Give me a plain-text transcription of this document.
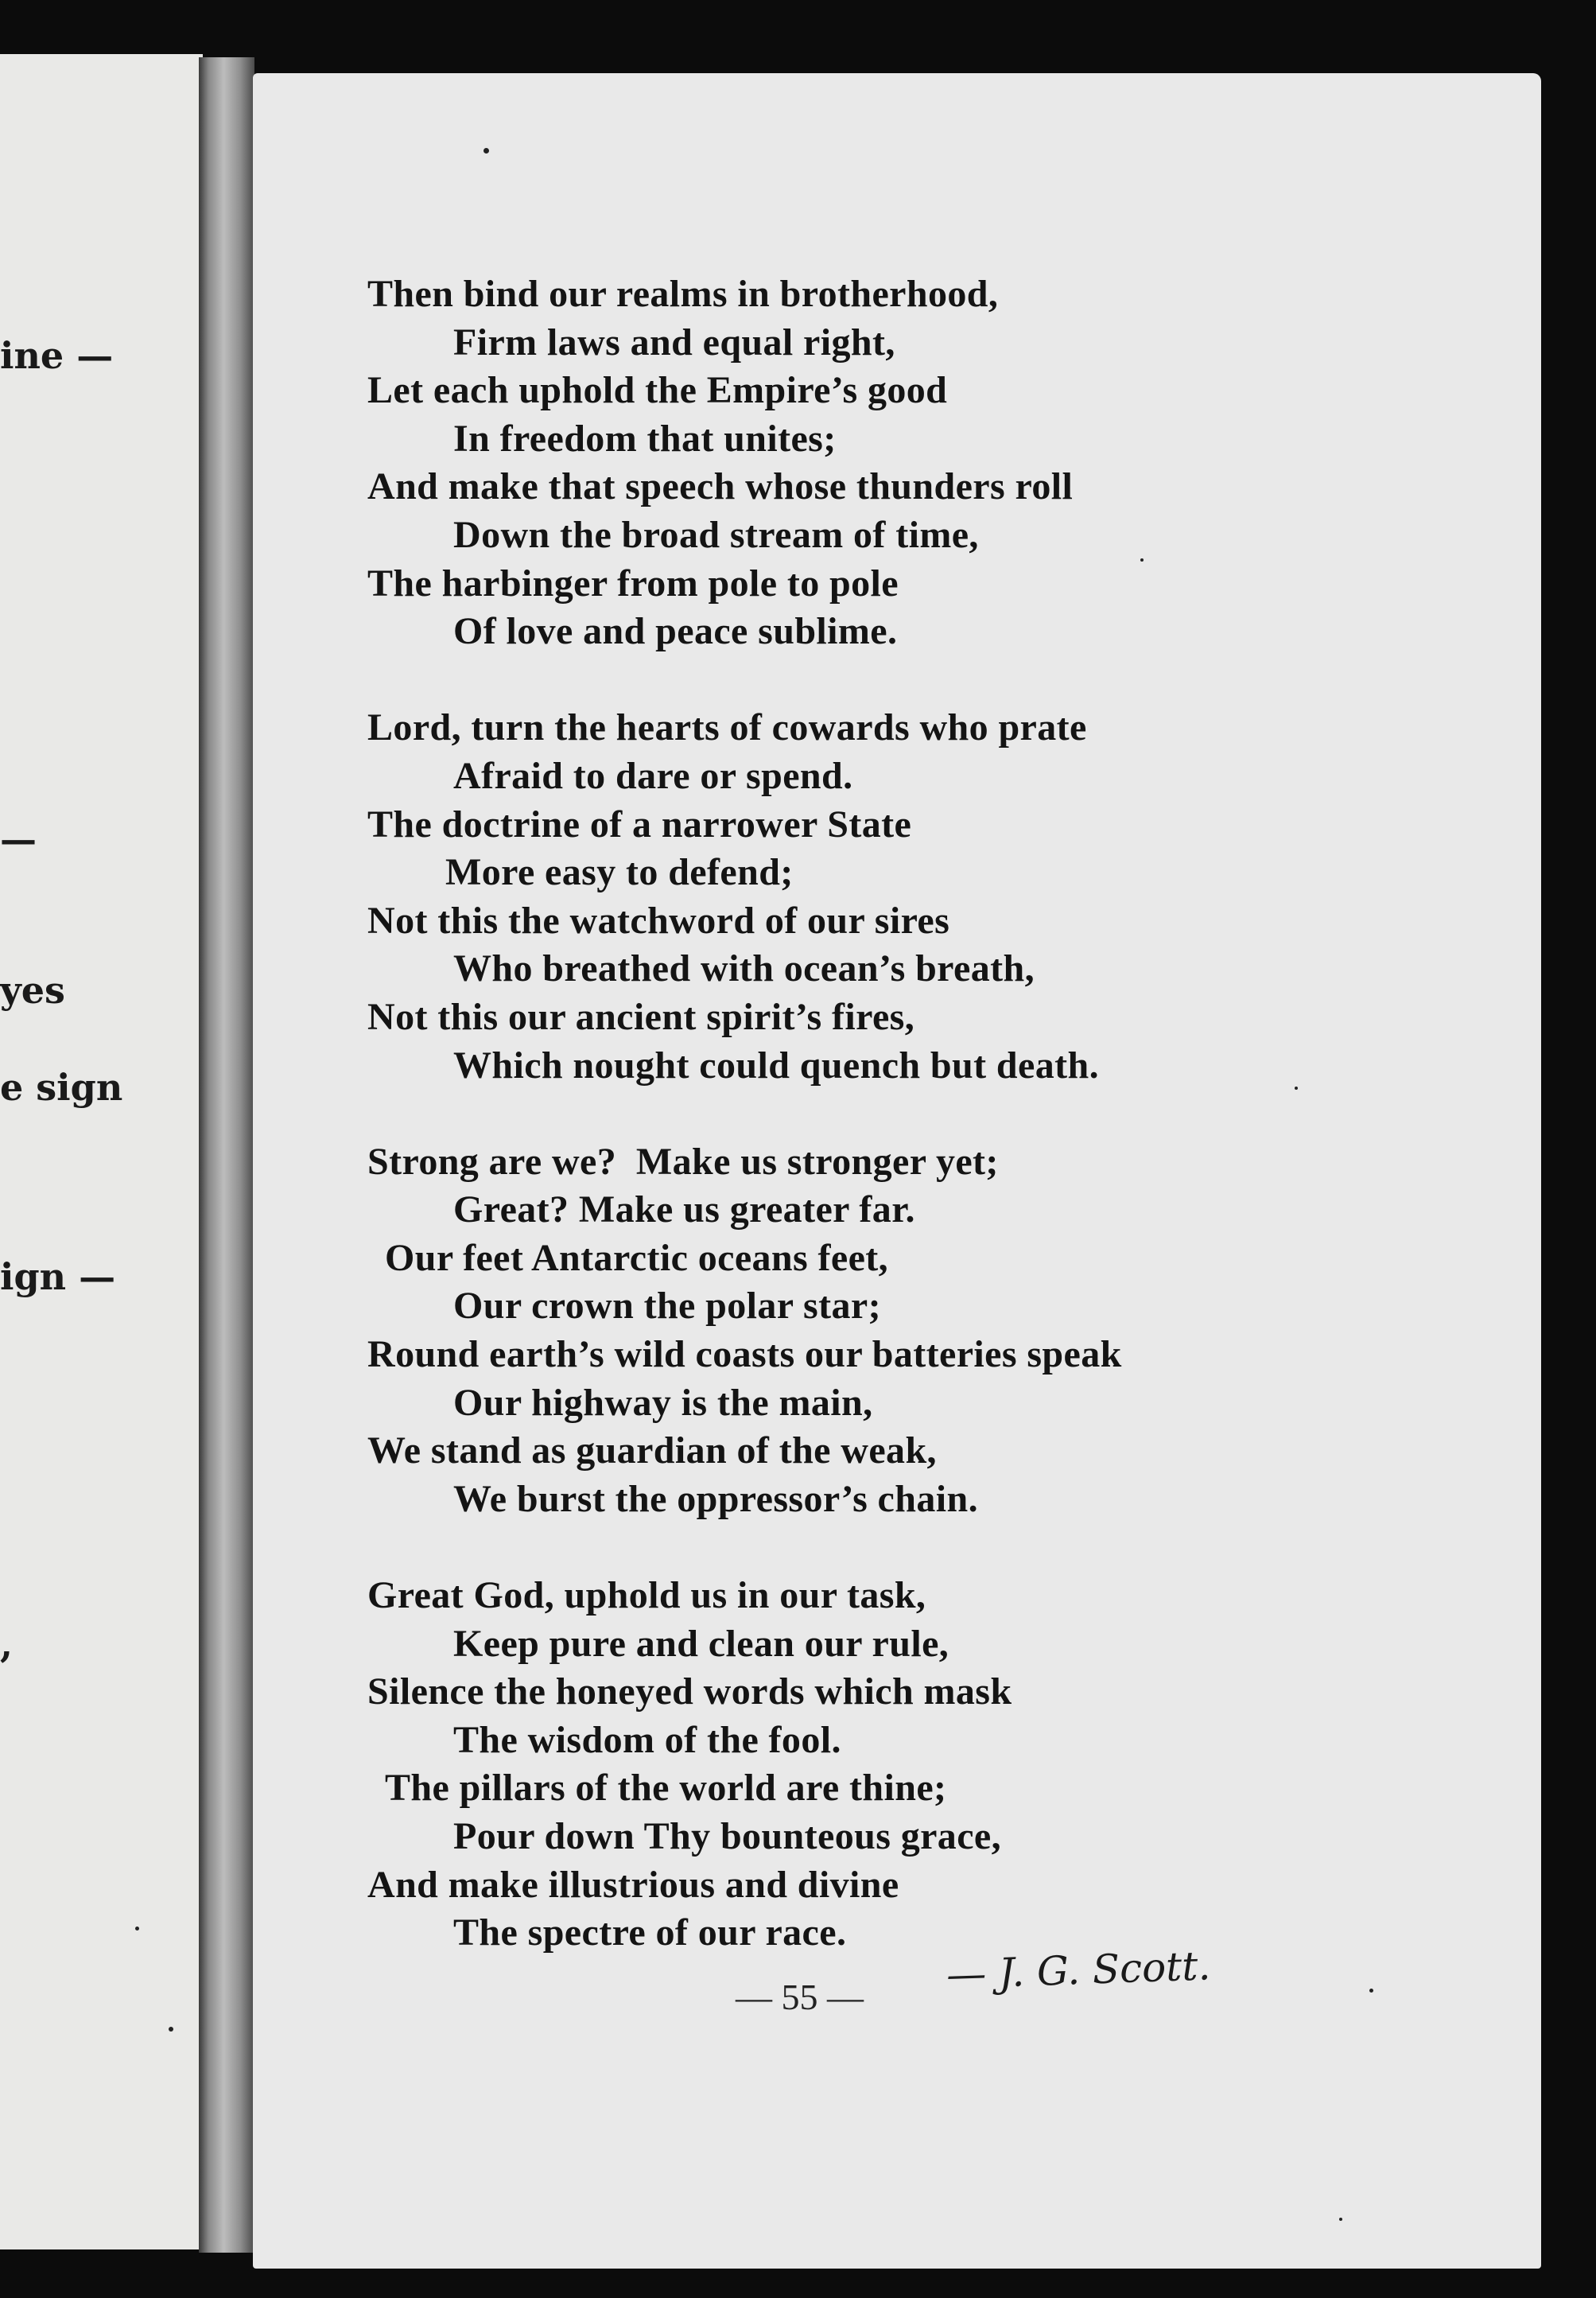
ine —
—
yes
e sign
ign —
,
Then bind our realms in brotherhood,
Firm laws and equal right,
Let each uphold the Empire’s good
In freedom that unites;
And make that speech whose thunders roll
Down the broad stream of time,
The harbinger from pole to pole
Of love and peace sublime.
Lord, turn the hearts of cowards who prate
Afraid to dare or spend.
The doctrine of a narrower State
More easy to defend;
Not this the watchword of our sires
Who breathed with ocean’s breath,
Not this our ancient spirit’s fires,
Which nought could quench but death.
Strong are we?  Make us stronger yet;
Great? Make us greater far.
Our feet Antarctic oceans feet,
Our crown the polar star;
Round earth’s wild coasts our batteries speak
Our highway is the main,
We stand as guardian of the weak,
We burst the oppressor’s chain.
Great God, uphold us in our task,
Keep pure and clean our rule,
Silence the honeyed words which mask
The wisdom of the fool.
The pillars of the world are thine;
Pour down Thy bounteous grace,
And make illustrious and divine
The spectre of our race.
— J. G. Scott.
— 55 —
